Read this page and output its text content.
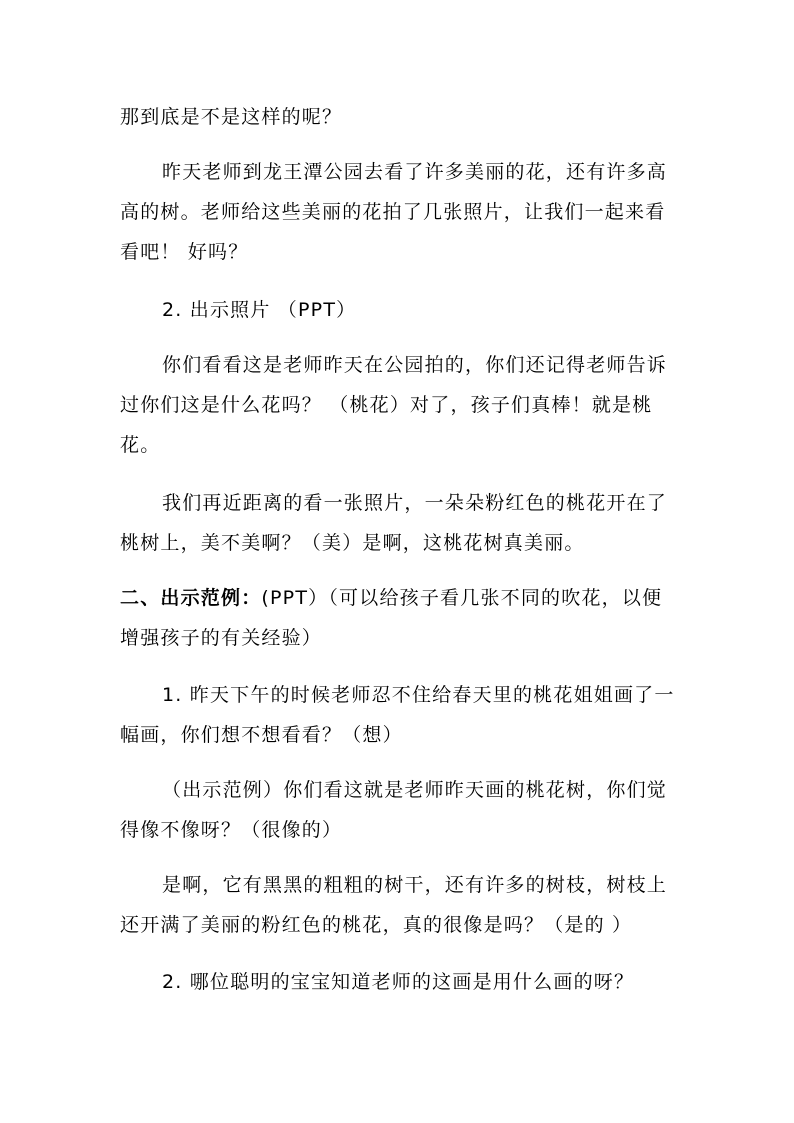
那到底是不是这样的呢？

昨天老师到龙王潭公园去看了许多美丽的花，还有许多高高的树。老师给这些美丽的花拍了几张照片，让我们一起来看看吧！ 好吗？

2. 出示照片 （PPT）

你们看看这是老师昨天在公园拍的，你们还记得老师告诉过你们这是什么花吗？ （桃花）对了，孩子们真棒！就是桃花。

我们再近距离的看一张照片，一朵朵粉红色的桃花开在了桃树上，美不美啊？（美）是啊，这桃花树真美丽。

二、出示范例：(PPT）（可以给孩子看几张不同的吹花，以便增强孩子的有关经验）

1. 昨天下午的时候老师忍不住给春天里的桃花姐姐画了一幅画，你们想不想看看？（想）

（出示范例）你们看这就是老师昨天画的桃花树，你们觉得像不像呀？（很像的）

是啊，它有黑黑的粗粗的树干，还有许多的树枝，树枝上还开满了美丽的粉红色的桃花，真的很像是吗？（是的 ）

2. 哪位聪明的宝宝知道老师的这画是用什么画的呀？
